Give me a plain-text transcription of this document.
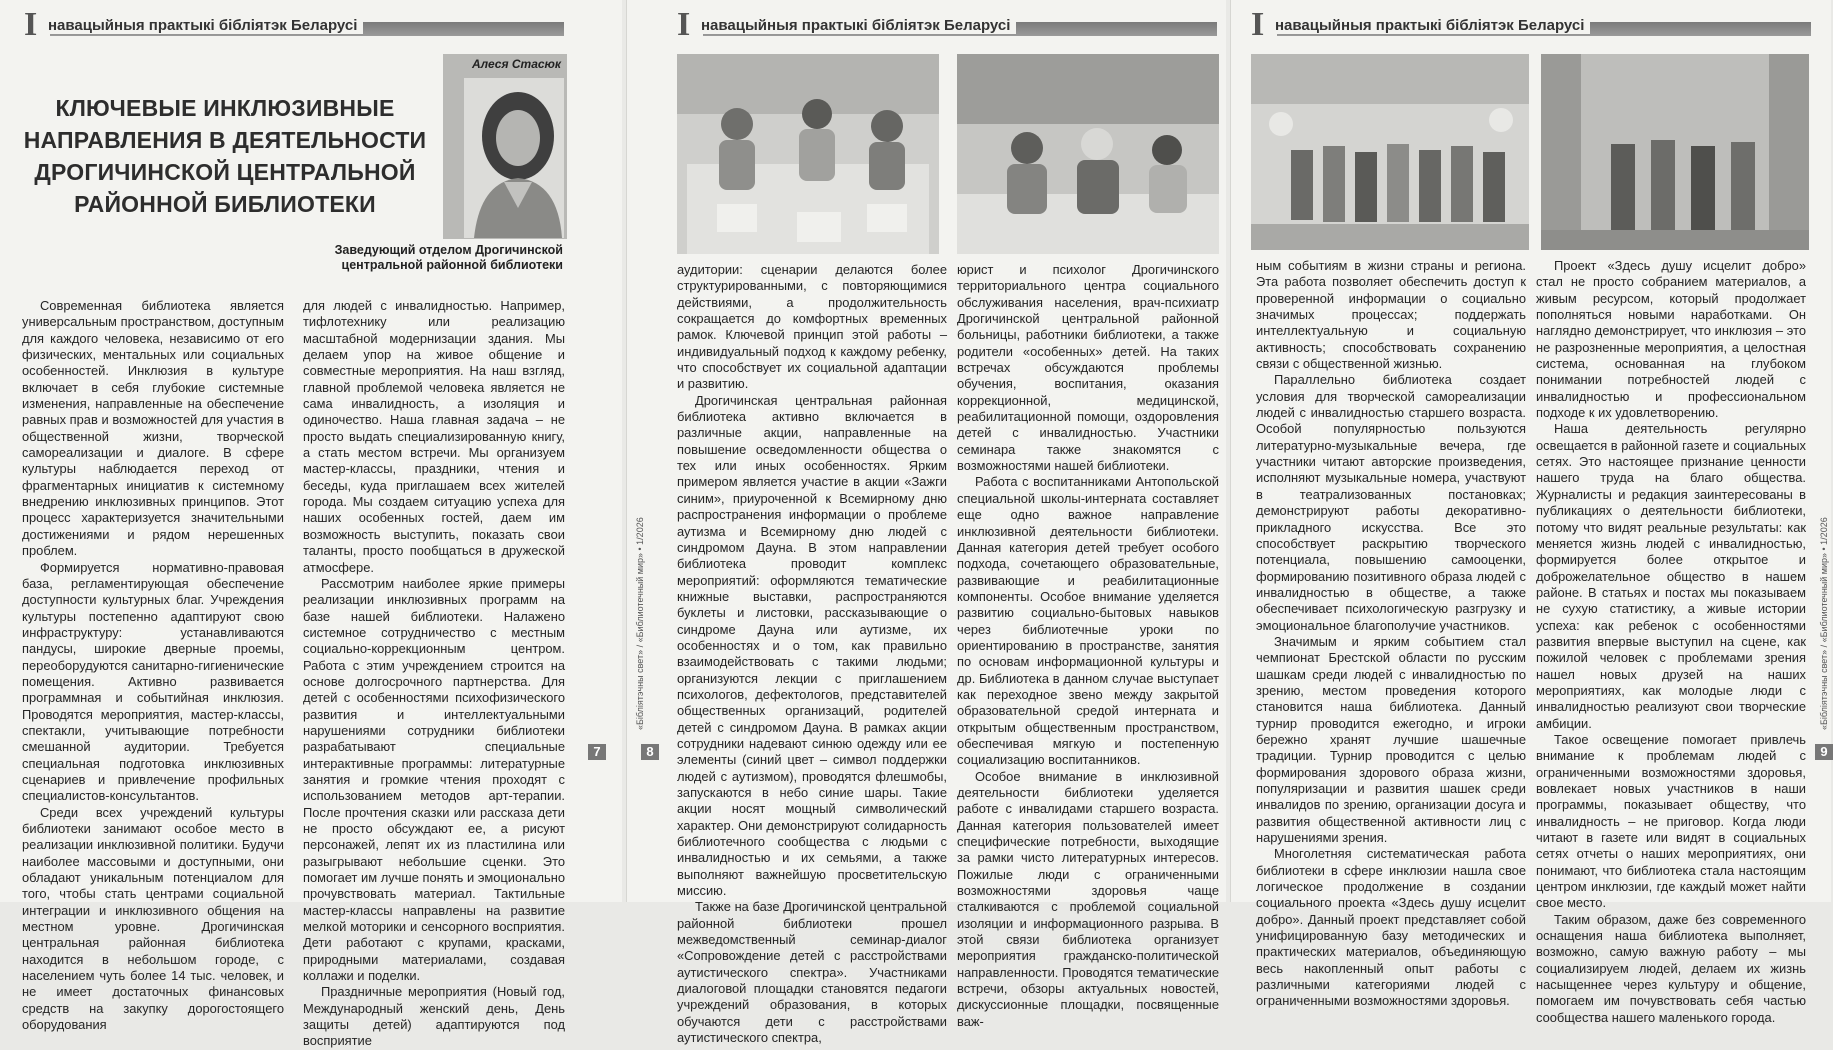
I навацыйныя практыкі бібліятэк Беларусі
Алеся Стасюк
КЛЮЧЕВЫЕ ИНКЛЮЗИВНЫЕ НАПРАВЛЕНИЯ В ДЕЯТЕЛЬНОСТИ ДРОГИЧИНСКОЙ ЦЕНТРАЛЬНОЙ РАЙОННОЙ БИБЛИОТЕКИ
Заведующий отделом Дрогичинской центральной районной библиотеки

Современная библиотека является универсальным пространством, доступным для каждого человека, независимо от его физических, ментальных или социальных особенностей. Инклюзия в культуре включает в себя глубокие системные изменения, направленные на обеспечение равных прав и возможностей для участия в общественной жизни, творческой самореализации и диалоге. В сфере культуры наблюдается переход от фрагментарных инициатив к системному внедрению инклюзивных принципов. Этот процесс характеризуется значительными достижениями и рядом нерешенных проблем.

Формируется нормативно-правовая база, регламентирующая обеспечение доступности культурных благ. Учреждения культуры постепенно адаптируют свою инфраструктуру: устанавливаются пандусы, широкие дверные проемы, переоборудуются санитарно-гигиенические помещения. Активно развивается программная и событийная инклюзия. Проводятся мероприятия, мастер-классы, спектакли, учитывающие потребности смешанной аудитории. Требуется специальная подготовка инклюзивных сценариев и привлечение профильных специалистов-консультантов.

Среди всех учреждений культуры библиотеки занимают особое место в реализации инклюзивной политики. Будучи наиболее массовыми и доступными, они обладают уникальным потенциалом для того, чтобы стать центрами социальной интеграции и инклюзивного общения на местном уровне. Дрогичинская центральная районная библиотека находится в небольшом городе, с населением чуть более 14 тыс. человек, и не имеет достаточных финансовых средств на закупку дорогостоящего оборудования

для людей с инвалидностью. Например, тифлотехнику или реализацию масштабной модернизации здания. Мы делаем упор на живое общение и совместные мероприятия. На наш взгляд, главной проблемой человека является не сама инвалидность, а изоляция и одиночество. Наша главная задача – не просто выдать специализированную книгу, а стать местом встречи. Мы организуем мастер-классы, праздники, чтения и беседы, куда приглашаем всех жителей города. Мы создаем ситуацию успеха для наших особенных гостей, даем им возможность выступить, показать свои таланты, просто пообщаться в дружеской атмосфере.

Рассмотрим наиболее яркие примеры реализации инклюзивных программ на базе нашей библиотеки. Налажено системное сотрудничество с местным социально-коррекционным центром. Работа с этим учреждением строится на основе долгосрочного партнерства. Для детей с особенностями психофизического развития и интеллектуальными нарушениями сотрудники библиотеки разрабатывают специальные интерактивные программы: литературные занятия и громкие чтения проходят с использованием методов арт-терапии. После прочтения сказки или рассказа дети не просто обсуждают ее, а рисуют персонажей, лепят их из пластилина или разыгрывают небольшие сценки. Это помогает им лучше понять и эмоционально прочувствовать материал. Тактильные мастер-классы направлены на развитие мелкой моторики и сенсорного восприятия. Дети работают с крупами, красками, природными материалами, создавая коллажи и поделки.

Праздничные мероприятия (Новый год, Международный женский день, День защиты детей) адаптируются под восприятие

7
I навацыйныя практыкі бібліятэк Беларусі

аудитории: сценарии делаются более структурированными, с повторяющимися действиями, а продолжительность сокращается до комфортных временных рамок. Ключевой принцип этой работы – индивидуальный подход к каждому ребенку, что способствует их социальной адаптации и развитию.

Дрогичинская центральная районная библиотека активно включается в различные акции, направленные на повышение осведомленности общества о тех или иных особенностях. Ярким примером является участие в акции «Зажги синим», приуроченной к Всемирному дню распространения информации о проблеме аутизма и Всемирному дню людей с синдромом Дауна. В этом направлении библиотека проводит комплекс мероприятий: оформляются тематические книжные выставки, распространяются буклеты и листовки, рассказывающие о синдроме Дауна или аутизме, их особенностях и о том, как правильно взаимодействовать с такими людьми; организуются лекции с приглашением психологов, дефектологов, представителей общественных организаций, родителей детей с синдромом Дауна. В рамках акции сотрудники надевают синюю одежду или ее элементы (синий цвет – символ поддержки людей с аутизмом), проводятся флешмобы, запускаются в небо синие шары. Такие акции носят мощный символический характер. Они демонстрируют солидарность библиотечного сообщества с людьми с инвалидностью и их семьями, а также выполняют важнейшую просветительскую миссию.

Также на базе Дрогичинской центральной районной библиотеки прошел межведомственный семинар-диалог «Сопровождение детей с расстройствами аутистического спектра». Участниками диалоговой площадки становятся педагоги учреждений образования, в которых обучаются дети с расстройствами аутистического спектра,

юрист и психолог Дрогичинского территориального центра социального обслуживания населения, врач-психиатр Дрогичинской центральной районной больницы, работники библиотеки, а также родители «особенных» детей. На таких встречах обсуждаются проблемы обучения, воспитания, оказания коррекционной, медицинской, реабилитационной помощи, оздоровления детей с инвалидностью. Участники семинара также знакомятся с возможностями нашей библиотеки.

Работа с воспитанниками Антопольской специальной школы-интерната составляет еще одно важное направление инклюзивной деятельности библиотеки. Данная категория детей требует особого подхода, сочетающего образовательные, развивающие и реабилитационные компоненты. Особое внимание уделяется развитию социально-бытовых навыков через библиотечные уроки по ориентированию в пространстве, занятия по основам информационной культуры и др. Библиотека в данном случае выступает как переходное звено между закрытой образовательной средой интерната и открытым общественным пространством, обеспечивая мягкую и постепенную социализацию воспитанников.

Особое внимание в инклюзивной деятельности библиотеки уделяется работе с инвалидами старшего возраста. Данная категория пользователей имеет специфические потребности, выходящие за рамки чисто литературных интересов. Пожилые люди с ограниченными возможностями здоровья чаще сталкиваются с проблемой социальной изоляции и информационного разрыва. В этой связи библиотека организует мероприятия гражданско-политической направленности. Проводятся тематические встречи, обзоры актуальных новостей, дискуссионные площадки, посвященные важ-

8
«Бібліятэчны свет» / «Библиотечный мир» • 1/2026
I навацыйныя практыкі бібліятэк Беларусі

ным событиям в жизни страны и региона. Эта работа позволяет обеспечить доступ к проверенной информации о социально значимых процессах; поддержать интеллектуальную и социальную активность; способствовать сохранению связи с общественной жизнью.

Параллельно библиотека создает условия для творческой самореализации людей с инвалидностью старшего возраста. Особой популярностью пользуются литературно-музыкальные вечера, где участники читают авторские произведения, исполняют музыкальные номера, участвуют в театрализованных постановках; демонстрируют работы декоративно-прикладного искусства. Все это способствует раскрытию творческого потенциала, повышению самооценки, формированию позитивного образа людей с инвалидностью в обществе, а также обеспечивает психологическую разгрузку и эмоциональное благополучие участников.

Значимым и ярким событием стал чемпионат Брестской области по русским шашкам среди людей с инвалидностью по зрению, местом проведения которого становится наша библиотека. Данный турнир проводится ежегодно, и игроки бережно хранят лучшие шашечные традиции. Турнир проводится с целью формирования здорового образа жизни, популяризации и развития шашек среди инвалидов по зрению, организации досуга и развития общественной активности лиц с нарушениями зрения.

Многолетняя систематическая работа библиотеки в сфере инклюзии нашла свое логическое продолжение в создании социального проекта «Здесь душу исцелит добро». Данный проект представляет собой унифицированную базу методических и практических материалов, объединяющую весь накопленный опыт работы с различными категориями людей с ограниченными возможностями здоровья.

Проект «Здесь душу исцелит добро» стал не просто собранием материалов, а живым ресурсом, который продолжает пополняться новыми наработками. Он наглядно демонстрирует, что инклюзия – это не разрозненные мероприятия, а целостная система, основанная на глубоком понимании потребностей людей с инвалидностью и профессиональном подходе к их удовлетворению.

Наша деятельность регулярно освещается в районной газете и социальных сетях. Это настоящее признание ценности нашего труда на благо общества. Журналисты и редакция заинтересованы в публикациях о деятельности библиотеки, потому что видят реальные результаты: как меняется жизнь людей с инвалидностью, формируется более открытое и доброжелательное общество в нашем районе. В статьях и постах мы показываем не сухую статистику, а живые истории успеха: как ребенок с особенностями развития впервые выступил на сцене, как пожилой человек с проблемами зрения нашел новых друзей на наших мероприятиях, как молодые люди с инвалидностью реализуют свои творческие амбиции.

Такое освещение помогает привлечь внимание к проблемам людей с ограниченными возможностями здоровья, вовлекает новых участников в наши программы, показывает обществу, что инвалидность – не приговор. Когда люди читают в газете или видят в социальных сетях отчеты о наших мероприятиях, они понимают, что библиотека стала настоящим центром инклюзии, где каждый может найти свое место.

Таким образом, даже без современного оснащения наша библиотека выполняет, возможно, самую важную работу – мы социализируем людей, делаем их жизнь насыщеннее через культуру и общение, помогаем им почувствовать себя частью сообщества нашего маленького города.

9
«Бібліятэчны свет» / «Библиотечный мир» • 1/2026
